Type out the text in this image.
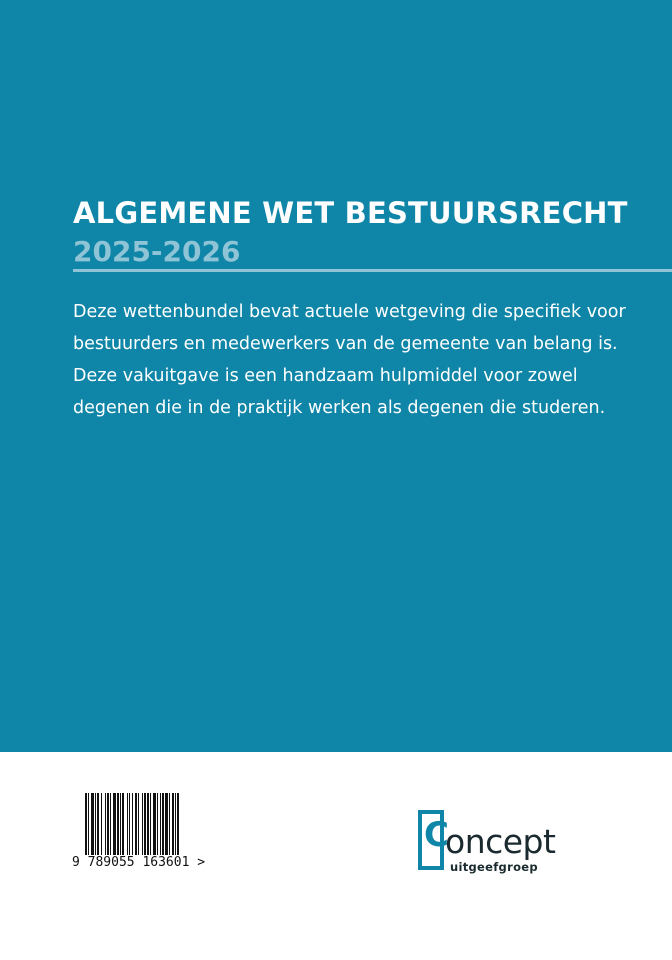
ALGEMENE WET BESTUURSRECHT
2025-2026
Deze wettenbundel bevat actuele wetgeving die specifiek voor
bestuurders en medewerkers van de gemeente van belang is.
Deze vakuitgave is een handzaam hulpmiddel voor zowel
degenen die in de praktijk werken als degenen die studeren.
9 789055 163601 >
C
oncept
uitgeefgroep
